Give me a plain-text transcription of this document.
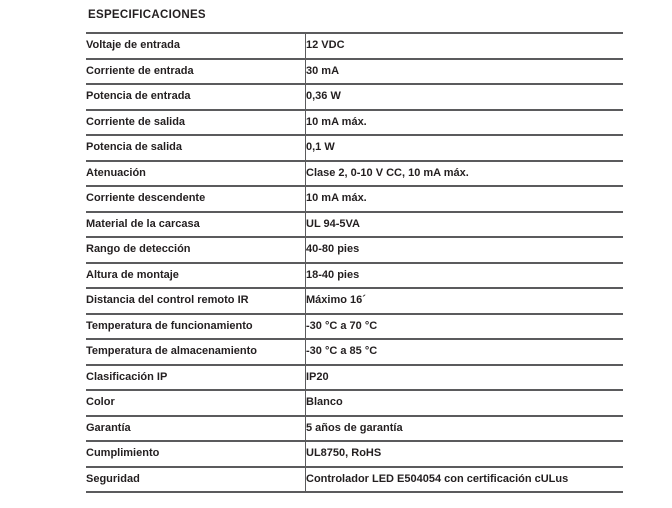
ESPECIFICACIONES
Voltaje de entrada	12 VDC
Corriente de entrada	30 mA
Potencia de entrada	0,36 W
Corriente de salida	10 mA máx.
Potencia de salida	0,1 W
Atenuación	Clase 2, 0-10 V CC, 10 mA máx.
Corriente descendente	10 mA máx.
Material de la carcasa	UL 94-5VA
Rango de detección	40-80 pies
Altura de montaje	18-40 pies
Distancia del control remoto IR	Máximo 16´
Temperatura de funcionamiento	-30 °C a 70 °C
Temperatura de almacenamiento	-30 °C a 85 °C
Clasificación IP	IP20
Color	Blanco
Garantía	5 años de garantía
Cumplimiento	UL8750, RoHS
Seguridad	Controlador LED E504054 con certificación cULus
